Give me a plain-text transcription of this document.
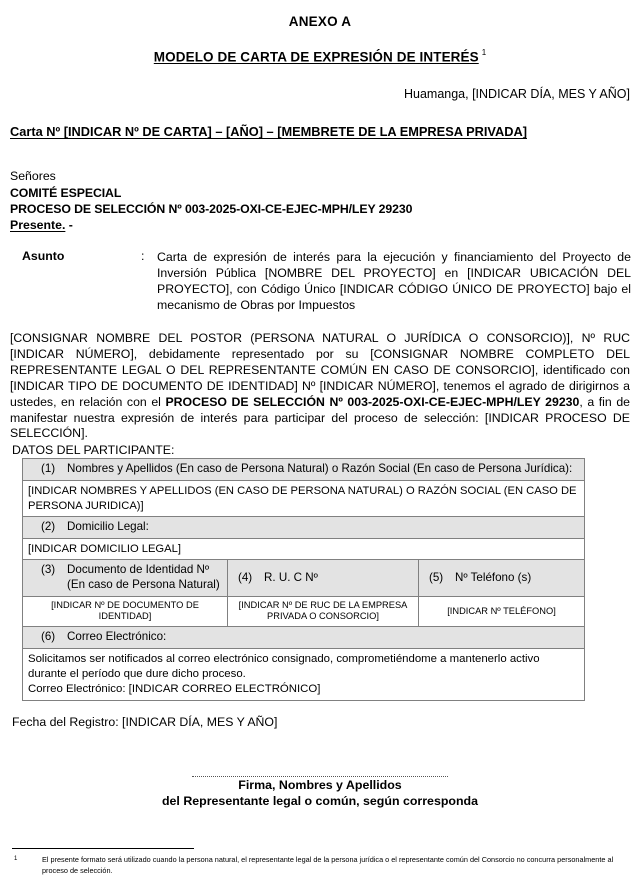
ANEXO A
MODELO DE CARTA DE EXPRESIÓN DE INTERÉS 1
Huamanga, [INDICAR DÍA, MES Y AÑO]
Carta Nº [INDICAR Nº DE CARTA] – [AÑO] – [MEMBRETE DE LA EMPRESA PRIVADA]
Señores
COMITÉ ESPECIAL
PROCESO DE SELECCIÓN Nº 003-2025-OXI-CE-EJEC-MPH/LEY 29230
Presente. -
Asunto	:	Carta de expresión de interés para la ejecución y financiamiento del Proyecto de Inversión Pública [NOMBRE DEL PROYECTO] en [INDICAR UBICACIÓN DEL PROYECTO], con Código Único [INDICAR CÓDIGO ÚNICO DE PROYECTO] bajo el mecanismo de Obras por Impuestos
[CONSIGNAR NOMBRE DEL POSTOR (PERSONA NATURAL O JURÍDICA O CONSORCIO)], Nº RUC [INDICAR NÚMERO], debidamente representado por su [CONSIGNAR NOMBRE COMPLETO DEL REPRESENTANTE LEGAL O DEL REPRESENTANTE COMÚN EN CASO DE CONSORCIO], identificado con [INDICAR TIPO DE DOCUMENTO DE IDENTIDAD] Nº [INDICAR NÚMERO], tenemos el agrado de dirigirnos a ustedes, en relación con el PROCESO DE SELECCIÓN Nº 003-2025-OXI-CE-EJEC-MPH/LEY 29230, a fin de manifestar nuestra expresión de interés para participar del proceso de selección: [INDICAR PROCESO DE SELECCIÓN].
DATOS DEL PARTICIPANTE:
(1) Nombres y Apellidos (En caso de Persona Natural) o Razón Social (En caso de Persona Jurídica):		

[INDICAR NOMBRES Y APELLIDOS (EN CASO DE PERSONA NATURAL) O RAZÓN SOCIAL (EN CASO DE PERSONA JURIDICA)]		

(2) Domicilio Legal:		

[INDICAR DOMICILIO LEGAL]		

(3) Documento de Identidad Nº (En caso de Persona Natural)	(4) R. U. C Nº	(5) Nº Teléfono (s)

[INDICAR Nº DE DOCUMENTO DE IDENTIDAD]	[INDICAR Nº DE RUC DE LA EMPRESA PRIVADA O CONSORCIO]	[INDICAR Nº TELÉFONO]

(6) Correo Electrónico:		

Solicitamos ser notificados al correo electrónico consignado, comprometiéndome a mantenerlo activo durante el período que dure dicho proceso.
Correo Electrónico: [INDICAR CORREO ELECTRÓNICO]		
Fecha del Registro: [INDICAR DÍA, MES Y AÑO]
Firma, Nombres y Apellidos
del Representante legal o común, según corresponda
1	El presente formato será utilizado cuando la persona natural, el representante legal de la persona jurídica o el representante común del Consorcio no concurra personalmente al proceso de selección.
